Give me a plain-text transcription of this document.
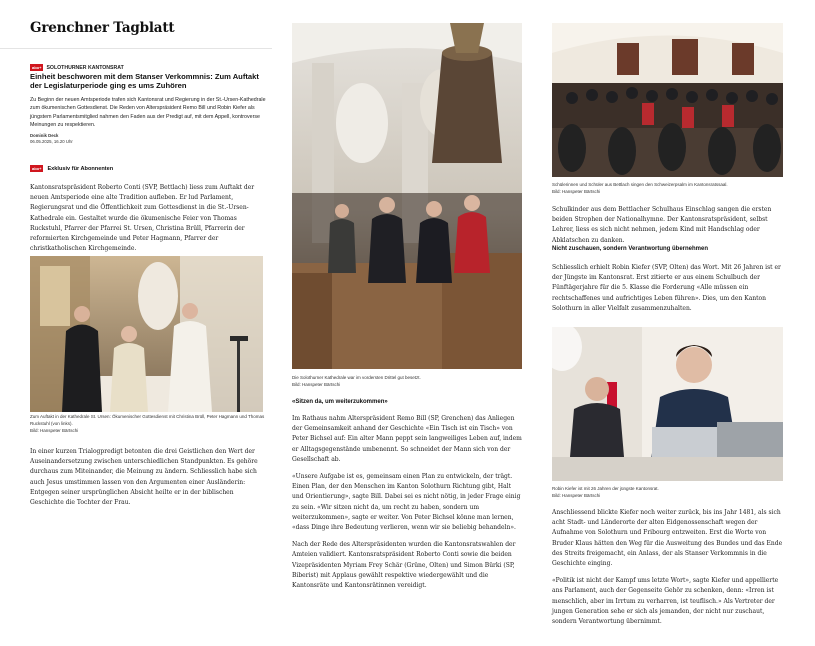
Grenchner Tagblatt
abo+ SOLOTHURNER KANTONSRAT
Einheit beschworen mit dem Stanser Verkommnis: Zum Auftakt der Legislaturperiode ging es ums Zuhören
Zu Beginn der neuen Amtsperiode trafen sich Kantonsrat und Regierung in der St.-Ursen-Kathedrale zum ökumenischen Gottesdienst. Die Reden von Alterspräsident Remo Bill und Robin Kiefer als jüngstem Parlamentsmitglied nahmen den Faden aus der Predigt auf, mit dem Appell, kontroverse Meinungen zu respektieren.
Dominik Deck
06.05.2025, 16.20 Uhr
abo+	Exklusiv für Abonnenten

Kantonsratspräsident Roberto Conti (SVP, Bettlach) liess zum Auftakt der neuen Amtsperiode eine alte Tradition aufleben. Er lud Parlament, Regierungsrat und die Öffentlichkeit zum Gottesdienst in die St.-Ursen-Kathedrale ein. Gestaltet wurde die ökumenische Feier von Thomas Ruckstuhl, Pfarrer der Pfarrei St. Ursen, Christina Brüll, Pfarrerin der reformierten Kirchgemeinde und Peter Hagmann, Pfarrer der christkatholischen Kirchgemeinde.

Zum Auftakt in der Kathedrale St. Ursen: Ökumenischer Gottesdienst mit Christina Brüll, Peter Hagmann und Thomas Ruckstuhl (von links).
Bild: Hanspeter Bärtschi

In einer kurzen Trialogpredigt betonten die drei Geistlichen den Wert der Auseinandersetzung zwischen unterschiedlichen Standpunkten. Es gehöre durchaus zum Miteinander, die Meinung zu ändern. Schliesslich habe sich auch Jesus umstimmen lassen von den Argumenten einer Ausländerin: Entgegen seiner ursprünglichen Absicht heilte er in der biblischen Geschichte die Tochter der Frau.

Die Solothurner Kathedrale war im vordersten Drittel gut besetzt.
Bild: Hanspeter Bärtschi
«Sitzen da, um weiterzukommen»

Im Rathaus nahm Alterspräsident Remo Bill (SP, Grenchen) das Anliegen der Gemeinsamkeit anhand der Geschichte «Ein Tisch ist ein Tisch» von Peter Bichsel auf: Ein alter Mann peppt sein langweiliges Leben auf, indem er Alltagsgegenstände umbenennt. So schneidet der Mann sich von der Gesellschaft ab.

«Unsere Aufgabe ist es, gemeinsam einen Plan zu entwickeln, der trägt. Einen Plan, der den Menschen im Kanton Solothurn Richtung gibt, Halt und Orientierung», sagte Bill. Dabei sei es nicht nötig, in jeder Frage einig zu sein. «Wir sitzen nicht da, um recht zu haben, sondern um weiterzukommen», sagte er weiter. Von Peter Bichsel könne man lernen, «dass Dinge ihre Bedeutung verlieren, wenn wir sie beliebig behandeln».

Nach der Rede des Alterspräsidenten wurden die Kantonsratswahlen der Amteien validiert. Kantonsratspräsident Roberto Conti sowie die beiden Vizepräsidenten Myriam Frey Schär (Grüne, Olten) und Simon Bürki (SP, Biberist) mit Applaus gewählt respektive wiedergewählt und die Kantonsräte und Kantonsrätinnen vereidigt.

Schülerinnen und Schüler aus Bettlach singen den Schweizerpsalm im Kantonsratssaal.
Bild: Hanspeter Bärtschi

Schulkinder aus dem Bettlacher Schulhaus Einschlag sangen die ersten beiden Strophen der Nationalhymne. Der Kantonsratspräsident, selbst Lehrer, liess es sich nicht nehmen, jedem Kind mit Handschlag oder Abklatschen zu danken.

Nicht zuschauen, sondern Verantwortung übernehmen

Schliesslich erhielt Robin Kiefer (SVP, Olten) das Wort. Mit 26 Jahren ist er der Jüngste im Kantonsrat. Erst zitierte er aus einem Schulbuch der Fünftägerjahre für die 5. Klasse die Forderung «Alle müssen ein rechtschaffenes und aufrichtiges Leben führen». Dies, um den Kanton Solothurn in aller Vielfalt zusammenzuhalten.

Robin Kiefer ist mit 26 Jahren der jüngste Kantonsrat.
Bild: Hanspeter Bärtschi

Anschliessend blickte Kiefer noch weiter zurück, bis ins Jahr 1481, als sich acht Stadt- und Länderorte der alten Eidgenossenschaft wegen der Aufnahme von Solothurn und Fribourg entzweiten. Erst die Worte von Bruder Klaus hätten den Weg für die Ausweitung des Bundes und das Ende des Streits freigemacht, ein Anlass, der als Stanser Verkommnis in die Geschichte einging.

«Politik ist nicht der Kampf ums letzte Wort», sagte Kiefer und appellierte ans Parlament, auch der Gegenseite Gehör zu schenken, denn: «Irren ist menschlich, aber im Irrtum zu verharren, ist teuflisch.» Als Vertreter der jungen Generation sehe er sich als jemanden, der nicht nur zuschaut, sondern Verantwortung übernimmt.
